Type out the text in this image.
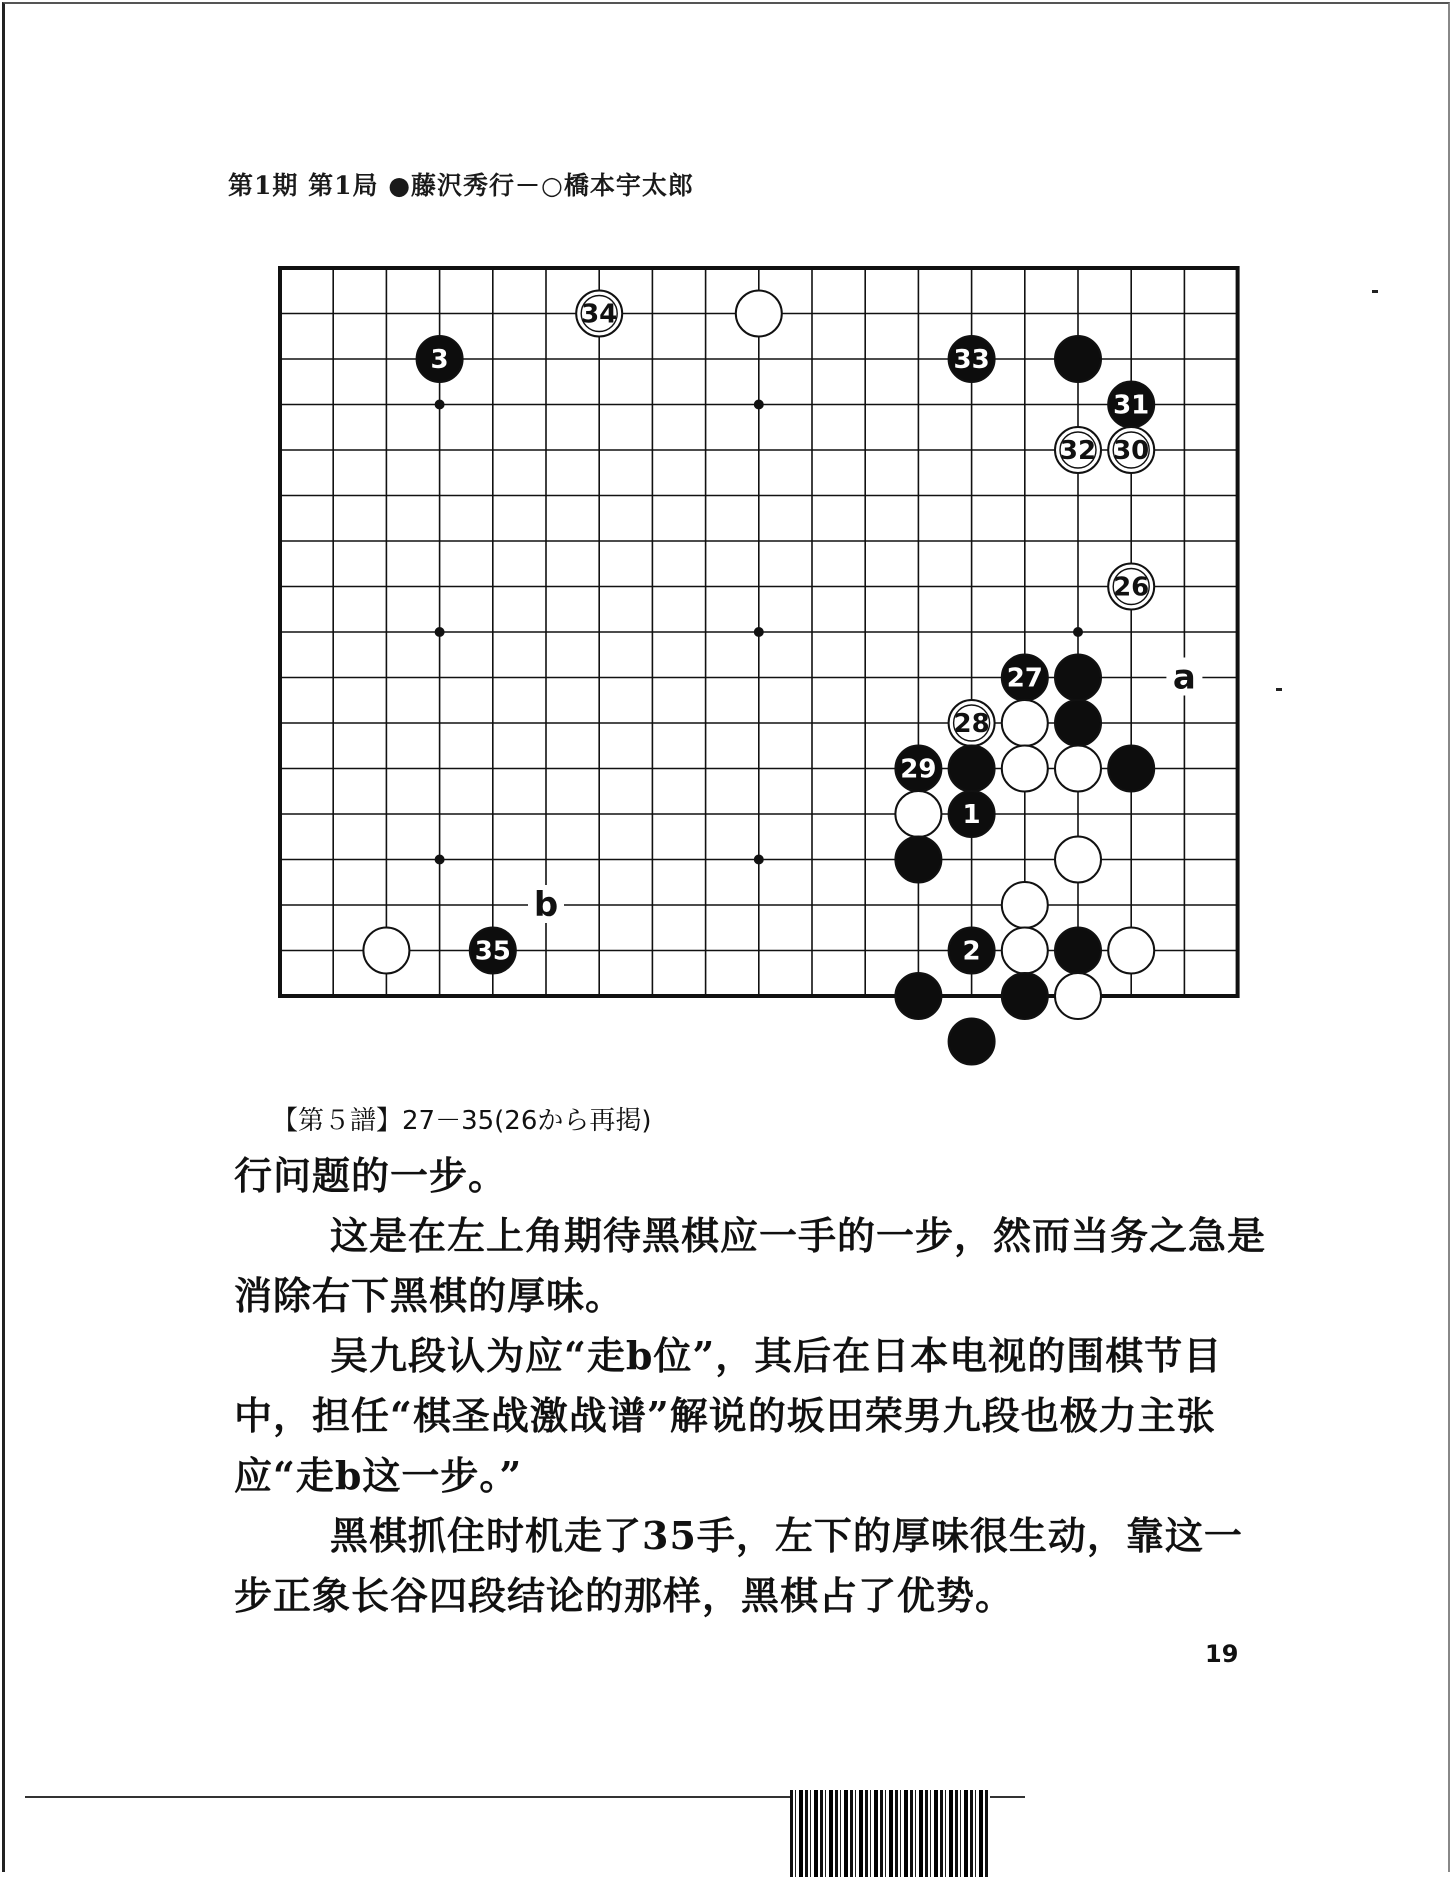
第1期 第1局 ●藤沢秀行－○橋本宇太郎
3
34
33
31
32 30
26
27
28
29
1
35	2
a
b
【第５譜】27－35(26から再掲)

行问题的一步。

这是在左上角期待黑棋应一手的一步，然而当务之急是消除右下黑棋的厚味。

吴九段认为应“走b位”，其后在日本电视的围棋节目中，担任“棋圣战激战谱”解说的坂田荣男九段也极力主张应“走b这一步。”

黑棋抓住时机走了35手，左下的厚味很生动，靠这一步正象长谷四段结论的那样，黑棋占了优势。

19
